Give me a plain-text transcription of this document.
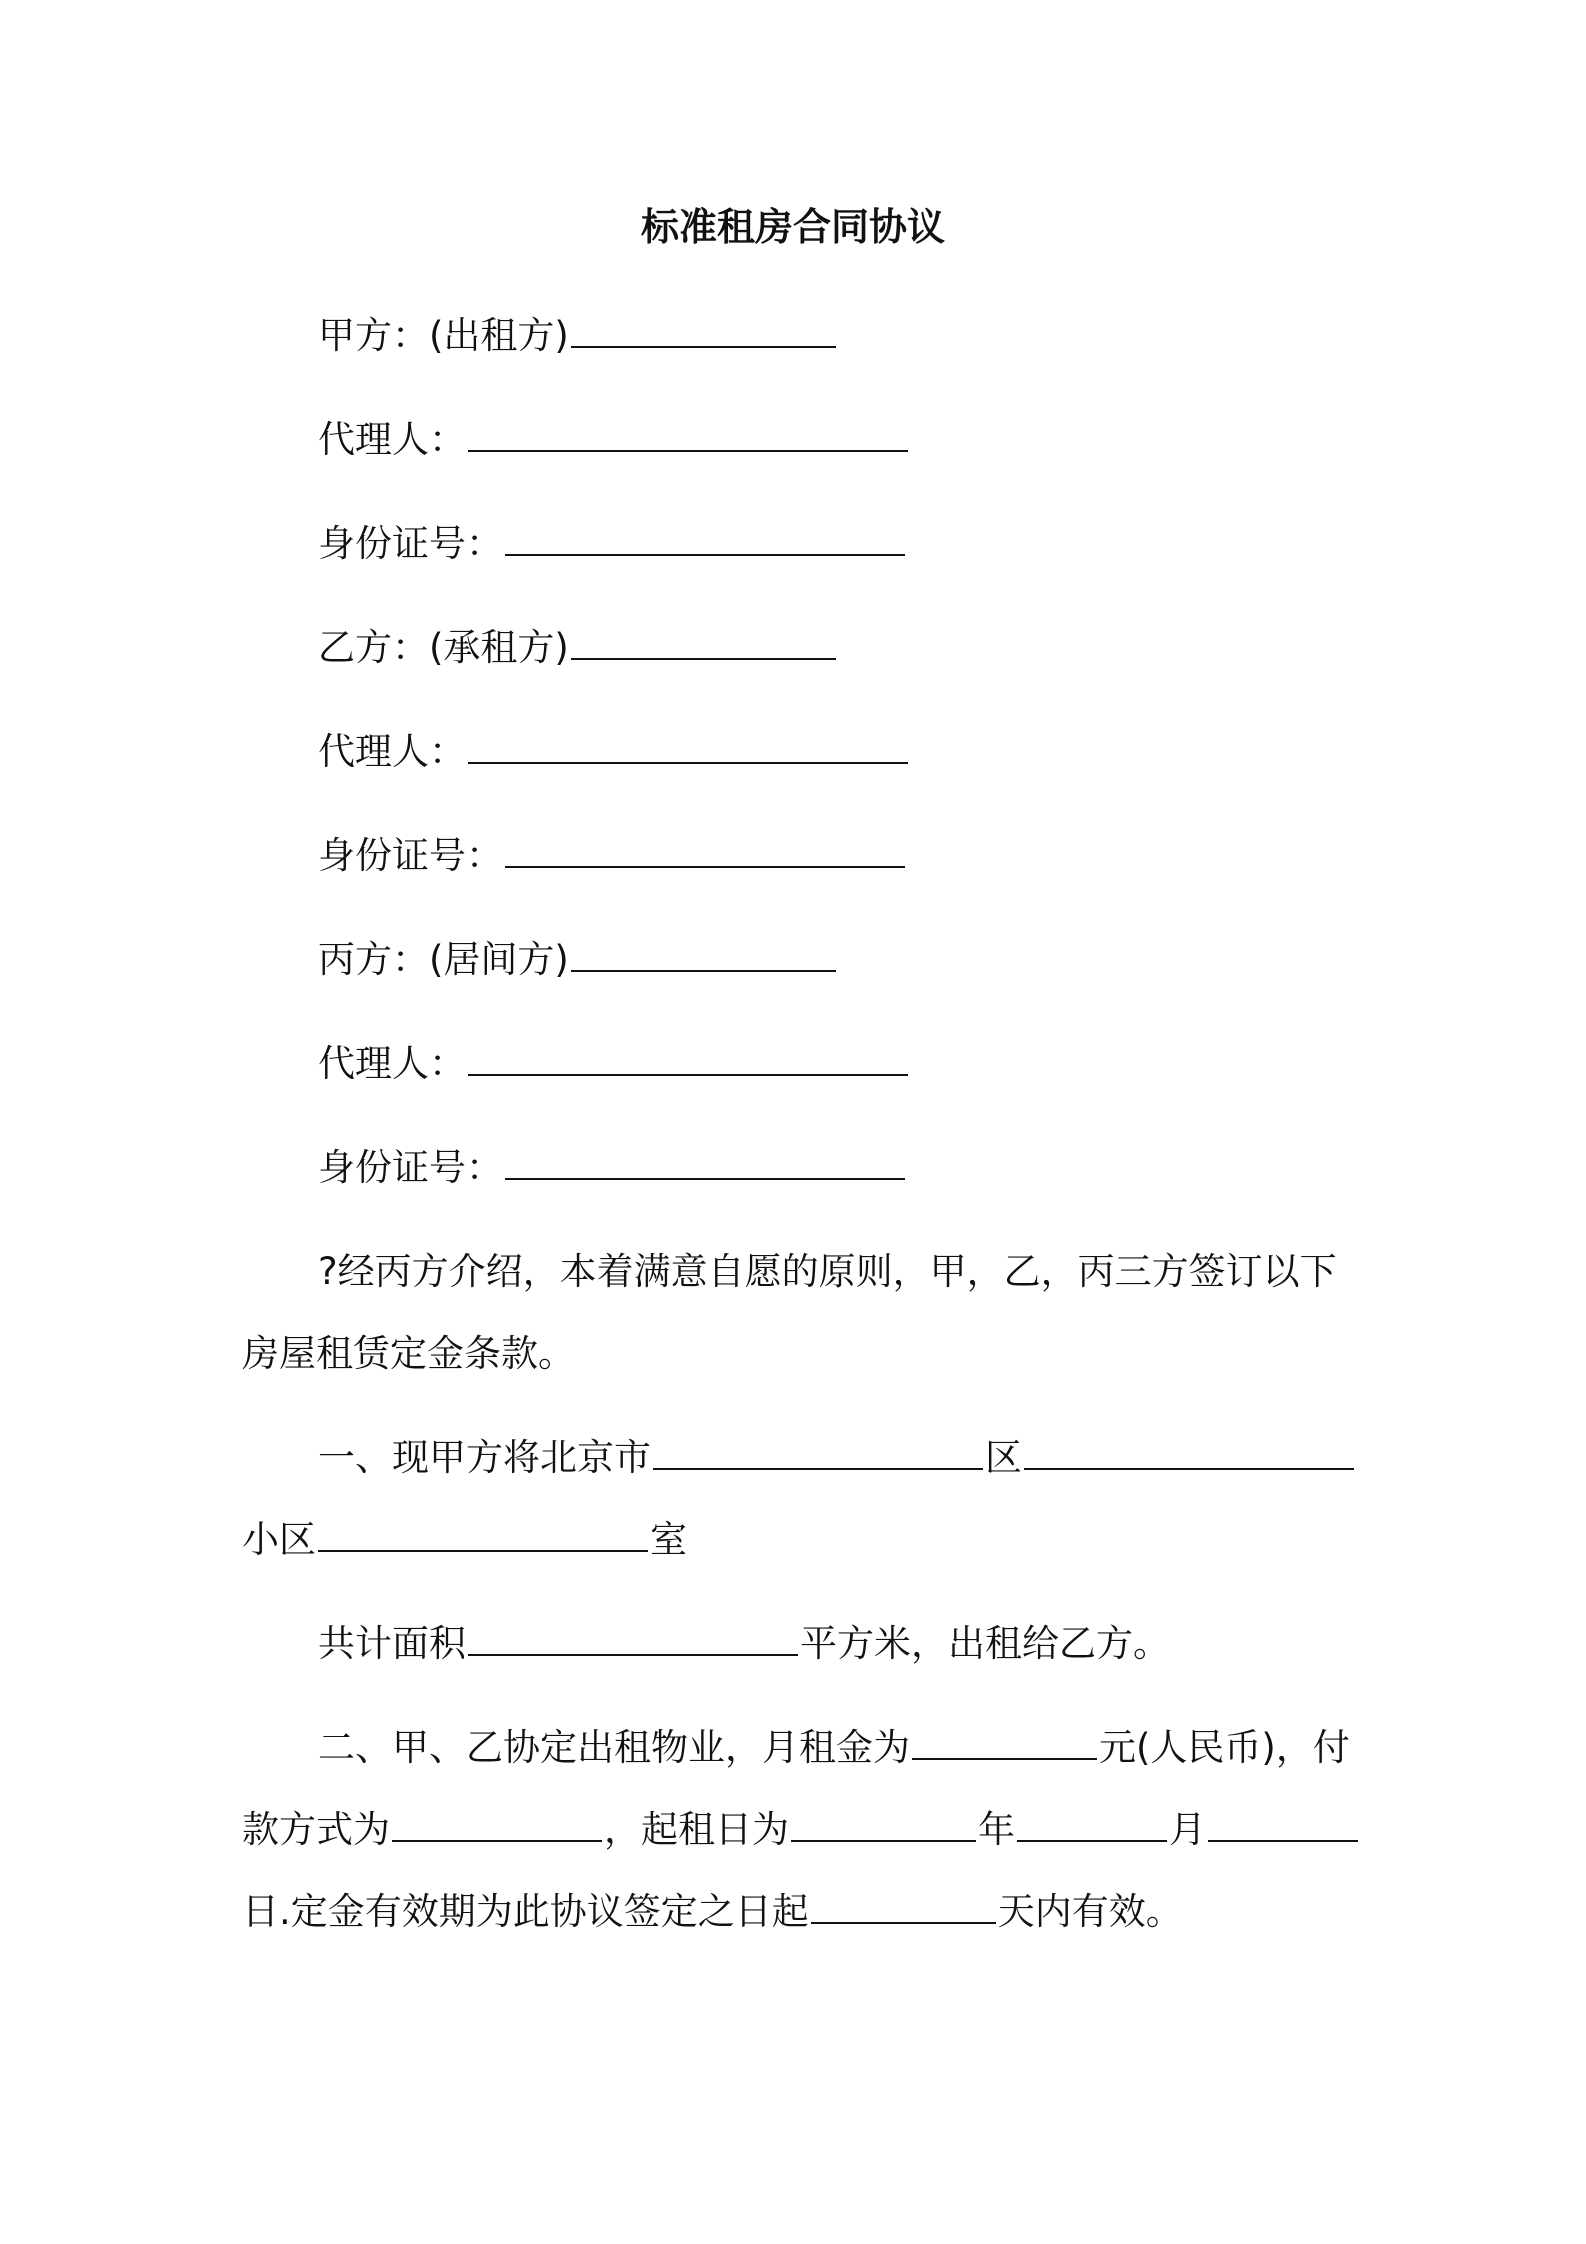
标准租房合同协议
甲方：(出租方)
代理人：
身份证号：
乙方：(承租方)
代理人：
身份证号：
丙方：(居间方)
代理人：
身份证号：
?经丙方介绍，本着满意自愿的原则，甲，乙，丙三方签订以下
房屋租赁定金条款。
一、现甲方将北京市	区
小区	室
共计面积	平方米，出租给乙方。
二、甲、乙协定出租物业，月租金为	元(人民币)，付
款方式为	，起租日为	年	月
日.定金有效期为此协议签定之日起	天内有效。
